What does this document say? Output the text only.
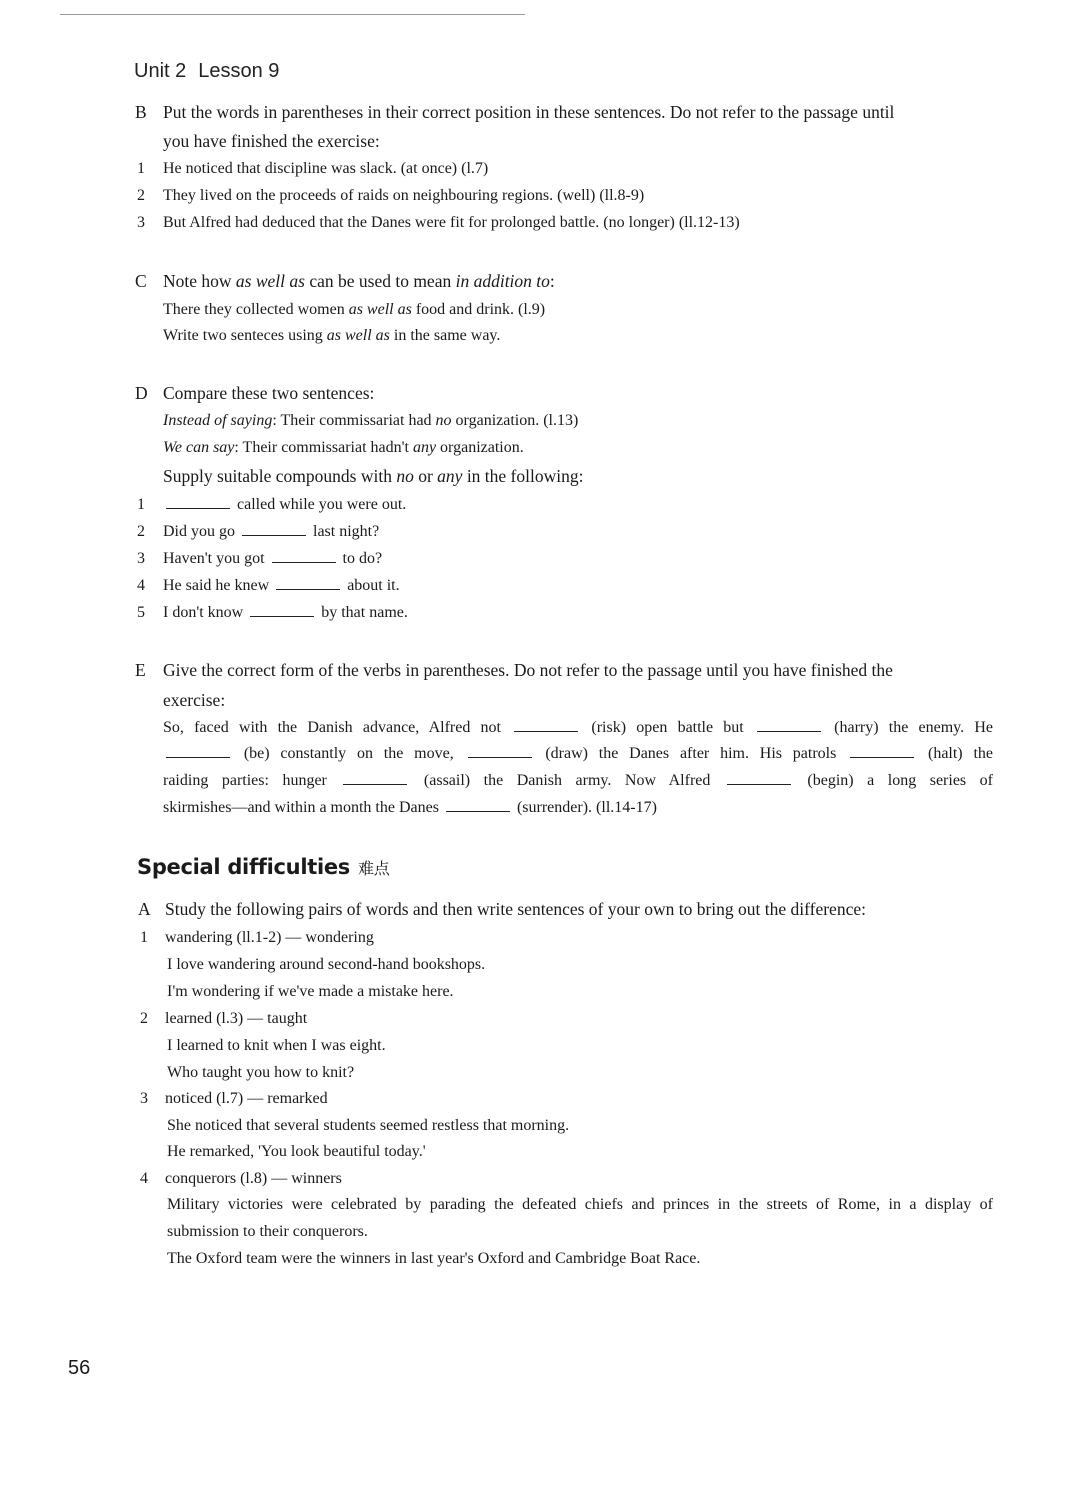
Unit 2 Lesson 9
B Put the words in parentheses in their correct position in these sentences. Do not refer to the passage until
you have finished the exercise:
1 He noticed that discipline was slack. (at once) (l.7)
2 They lived on the proceeds of raids on neighbouring regions. (well) (ll.8-9)
3 But Alfred had deduced that the Danes were fit for prolonged battle. (no longer) (ll.12-13)
C Note how as well as can be used to mean in addition to:
There they collected women as well as food and drink. (l.9)
Write two senteces using as well as in the same way.
D Compare these two sentences:
Instead of saying: Their commissariat had no organization. (l.13)
We can say: Their commissariat hadn't any organization.
Supply suitable compounds with no or any in the following:
1	called while you were out.
2 Did you go	last night?
3 Haven't you got	to do?
4 He said he knew	about it.
5 I don't know	by that name.
E Give the correct form of the verbs in parentheses. Do not refer to the passage until you have finished the
exercise:
So, faced with the Danish advance, Alfred not	(risk) open battle but	(harry) the enemy. He
(be) constantly on the move,	(draw) the Danes after him. His patrols	(halt) the
raiding parties: hunger	(assail) the Danish army. Now Alfred	(begin) a long series of
skirmishes—and within a month the Danes	(surrender). (ll.14-17)
A Study the following pairs of words and then write sentences of your own to bring out the difference:
1 wandering (ll.1-2) — wondering
I love wandering around second-hand bookshops.
I'm wondering if we've made a mistake here.
2 learned (l.3) — taught
I learned to knit when I was eight.
Who taught you how to knit?
3 noticed (l.7) — remarked
She noticed that several students seemed restless that morning.
He remarked, 'You look beautiful today.'
4 conquerors (l.8) — winners
Military victories were celebrated by parading the defeated chiefs and princes in the streets of Rome, in a display of
submission to their conquerors.
The Oxford team were the winners in last year's Oxford and Cambridge Boat Race.
Special difficulties 难点
56
